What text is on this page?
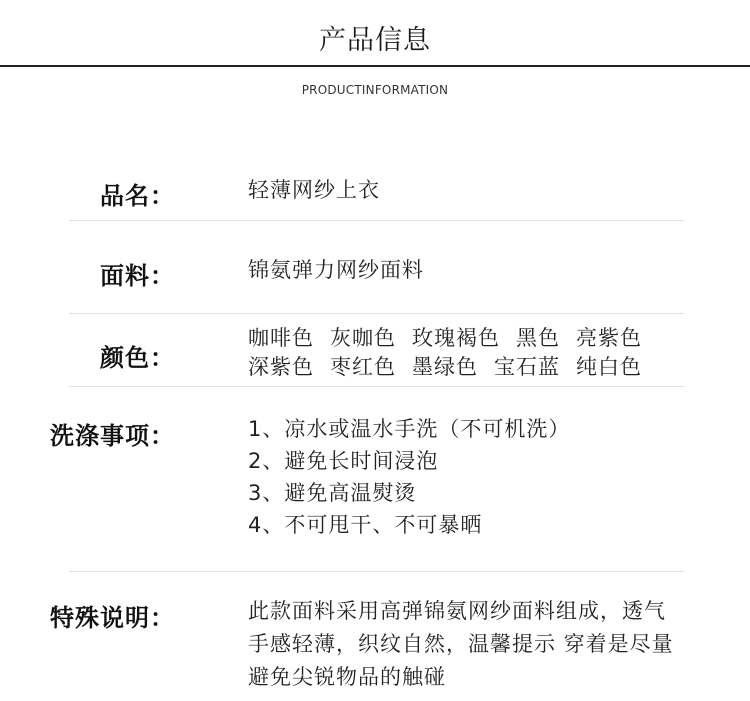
产品信息
PRODUCTINFORMATION
品名：	轻薄网纱上衣
面料：	锦氨弹力网纱面料
颜色：
咖啡色 灰咖色 玫瑰褐色 黑色 亮紫色
深紫色 枣红色 墨绿色 宝石蓝 纯白色
洗涤事项：	1、凉水或温水手洗（不可机洗）
2、避免长时间浸泡
3、避免高温熨烫
4、不可甩干、不可暴晒
特殊说明：	此款面料采用高弹锦氨网纱面料组成，透气
手感轻薄，织纹自然，温馨提示 穿着是尽量
避免尖锐物品的触碰
